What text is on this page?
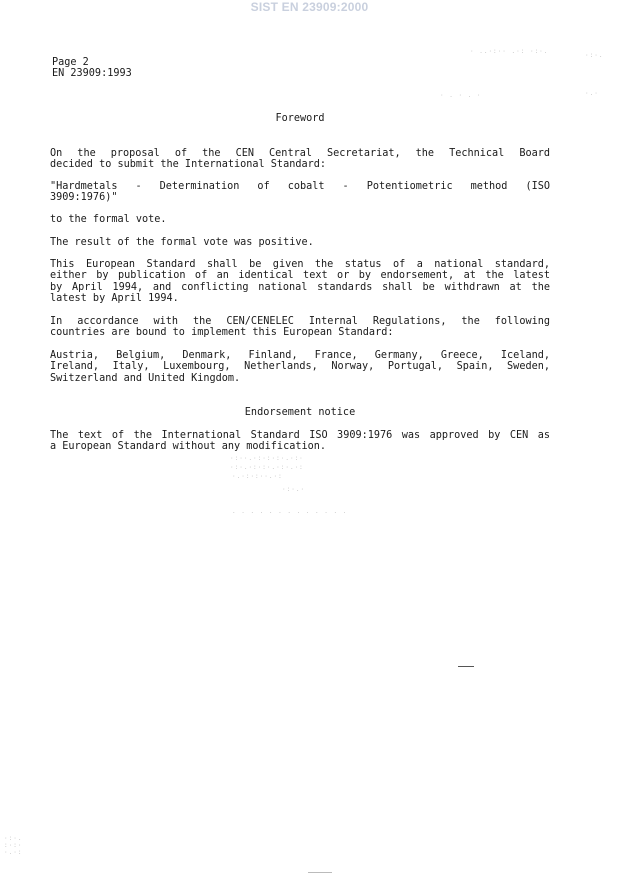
SIST EN 23909:2000
Page 2
EN 23909:1993
· ..·:·· .·: ·:·.
·:·.
·.·
· . · . ·
Foreword
On the proposal of the CEN Central Secretariat, the Technical Board
decided to submit the International Standard:
"Hardmetals - Determination of cobalt - Potentiometric method (ISO
3909:1976)"
to the formal vote.
The result of the formal vote was positive.
This European Standard shall be given the status of a national standard,
either by publication of an identical text or by endorsement, at the latest
by April 1994, and conflicting national standards shall be withdrawn at the
latest by April 1994.
In accordance with the CEN/CENELEC Internal Regulations, the following
countries are bound to implement this European Standard:
Austria, Belgium, Denmark, Finland, France, Germany, Greece, Iceland,
Ireland, Italy, Luxembourg, Netherlands, Norway, Portugal, Spain, Sweden,
Switzerland and United Kingdom.
Endorsement notice
The text of the International Standard ISO 3909:1976 was approved by CEN as
a European Standard without any modification.
·:··.·:·:·:·.·:·
·:·.·:·:·.·:·.·:
·.·:·:··.·:
·:·.·
. . . . . . . . . . . . .
·:·.
:·:·
·.·:
